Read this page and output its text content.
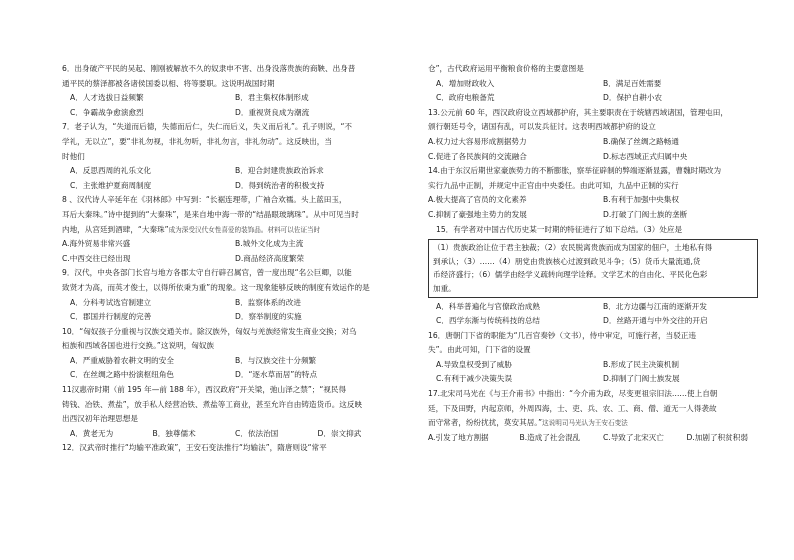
6．出身破产平民的吴起、刚刚被解放不久的奴隶申不害、出身没落贵族的商鞅、出身普
通平民的蔡泽都被各诸侯国委以相、将等要职。这说明战国时期
A．人才选拔日益频繁	B．君主集权体制形成
C．争霸战争愈演愈烈	D．重视贤良成为潮流
7．老子认为，“失道而后德，失德而后仁，失仁而后义，失义而后礼”。孔子则说，“不
学礼，无以立”，要“非礼勿视，非礼勿听，非礼勿言，非礼勿动”。这反映出，当
时他们
A．反思西周的礼乐文化	B．迎合封建贵族政治诉求
C．主张维护夏商周制度	D．得到统治者的积极支持
8 、汉代诗人辛延年在《羽林郎》中写到：“长裾连理带，广袖合欢襦。头上蓝田玉，
耳后大秦珠。”诗中提到的“大秦珠”，是来自地中海一带的“结晶眼玻璃珠”。从中可见当时
内地，从宫廷到酒肆，“大秦珠”成为深受汉代女性喜爱的装饰品。材料可以佐证当时
A.海外贸易非常兴盛	B.城外文化成为主流
C.中西交往已经出现	D.商品经济高度繁荣
9．汉代，中央各部门长官与地方各郡太守自行辟召属官，曾一度出现“名公巨卿，以能
致贤才为高，而英才俊士，以得所依秉为重”的现象。这一现象能够反映的制度有效运作的是
A．分科考试选官制建立	B．监察体系的改进
C．郡国并行制度的完善	D．察举制度的实施
10．“匈奴孩子分重视与汉族交通关市。除汉族外，匈奴与羌族经常发生商业交换；对乌
桓族和西域各国也进行交换。”这说明，匈奴族
A．严重威胁着农耕文明的安全	B．与汉族交往十分频繁
C．在丝绸之路中扮演枢纽角色	D．“逐水草而居”的特点
11汉惠帝时期（前 195 年—前 188 年），西汉政府“开关梁，弛山泽之禁”；“视民得
铸钱、冶铁、煮盐”，放手私人经营冶铁、煮盐等工商业，甚至允许自由铸造货币。这反映
出西汉初年治理思想是
A．黄老无为	B．独尊儒术	C．依法治国	D．崇文抑武
12．汉武帝时推行“均输平准政策”，王安石变法推行“均输法”，隋唐则设“常平
仓”，古代政府运用平衡粮食价格的主要意图是
A．增加财政收入	B．满足百姓需要
C．政府电粮备荒	D．保护自耕小农
13.公元前 60 年，西汉政府设立西域都护府，其主要职责在于统辖西域诸国，管理屯田，
颁行朝廷号令，诸国有乱，可以发兵征讨。这表明西域都护府的设立
A.权力过大容易形成割据势力	B.确保了丝绸之路畅通
C.促进了各民族间的交流融合	D.标志西域正式归属中央
14.由于东汉后期世家豪族势力的不断膨胀，察举征辟制的弊端逐渐显露，曹魏时期改为
实行九品中正制，并规定中正官由中央委任。由此可知，九品中正制的实行
A.极大提高了官员的文化素养	B.有利于加强中央集权
C.抑制了豪强地主势力的发展	D.打破了门阀士族的垄断
15．有学者对中国古代历史某一时期的特征进行了如下总结。（3）处应是
（1）贵族政治让位于君主独裁；（2）农民脱离贵族而成为国家的佃户，土地私有得
到承认；（3）……（4）朋党由贵族核心过渡到政见斗争；（5）货币大量流通,货
币经济盛行；（6）儒学由经学义疏转向理学诠释。文学艺术的自由化、平民化色彩
加重。
A．科举普遍化与官僚政治成熟	B．北方边疆与江南的逐渐开发
C．西学东渐与传统科技的总结	D．丝路开通与中外交往的开启
16．唐朝门下省的职能为“几百官奏钞（文书），侍中审定，可施行者，当驳正违
失”。由此可知，门下省的设置
A.导致皇权受到了威胁	B.形成了民主决策机制
C.有利于减少决策失误	D.抑制了门阀士族发展
17.北宋司马光在《与王介甫书》中指出：“今介甫为政，尽变更祖宗旧法……使上自朝
廷，下及田野，内起京师，外周四海，士、吏、兵、农、工、商、僧、道无一人得袭故
而守常者，纷纷扰扰，莫安其居。”这说明司马光认为王安石变法
A.引发了地方割据	B.造成了社会混乱	C.导致了北宋灭亡	D.加剧了积贫积弱
